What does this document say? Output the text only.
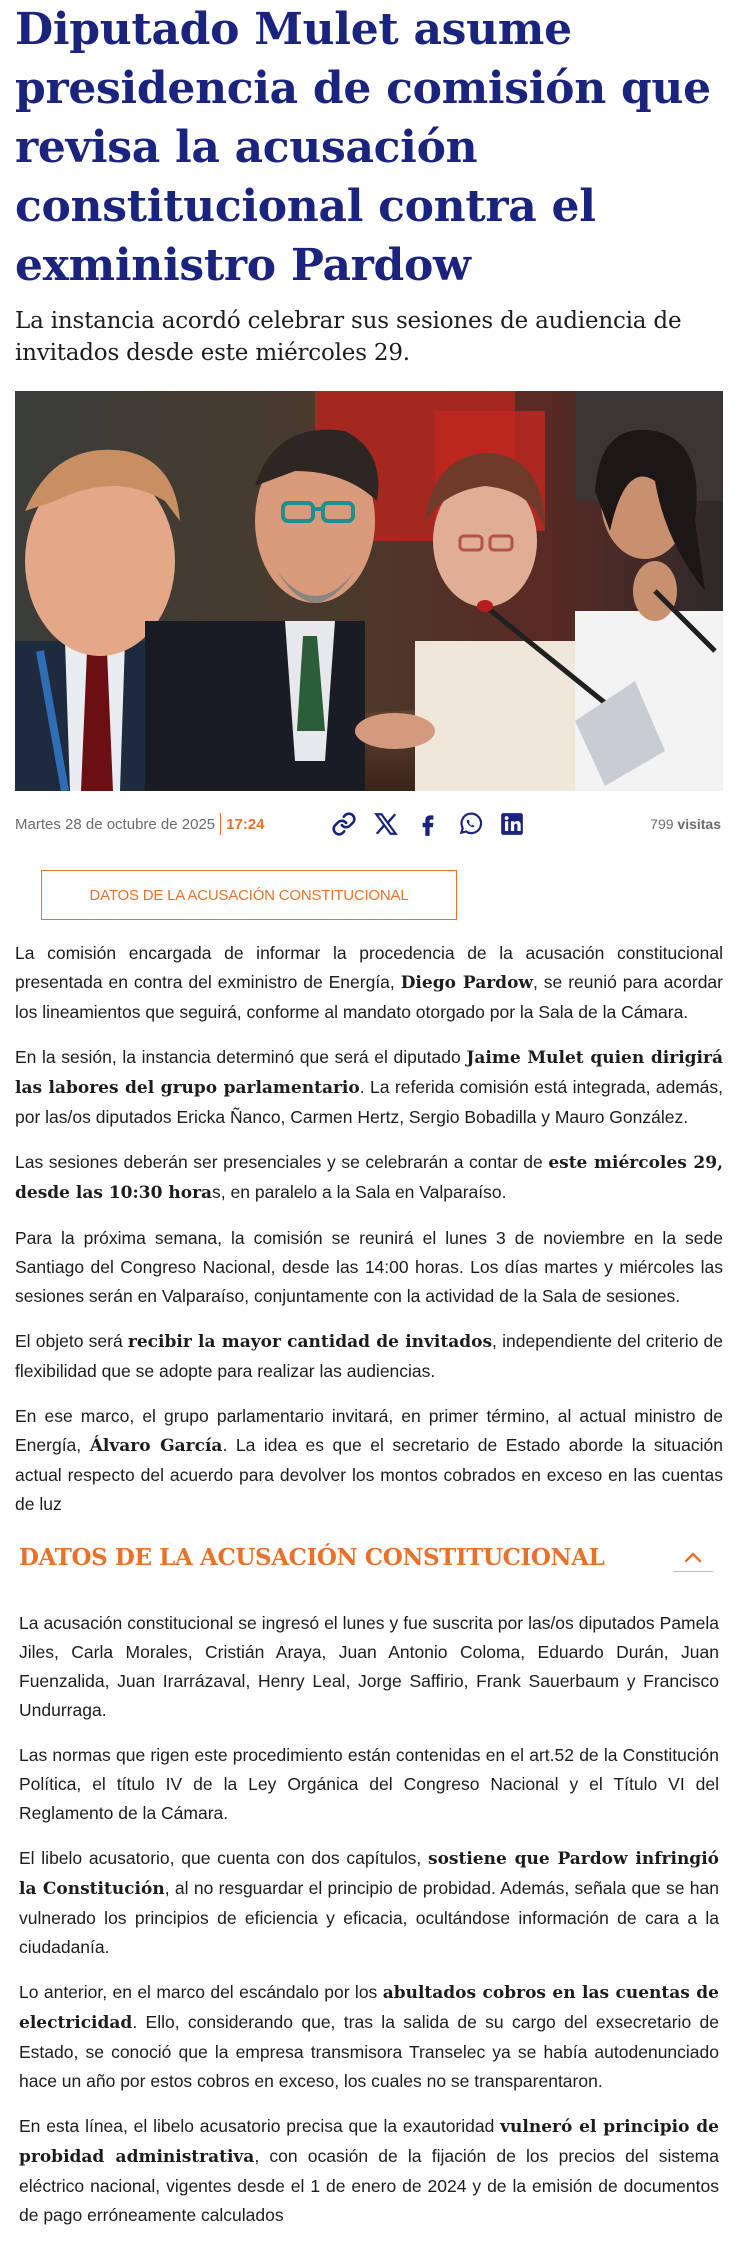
Diputado Mulet asume presidencia de comisión que revisa la acusación constitucional contra el exministro Pardow

La instancia acordó celebrar sus sesiones de audiencia de invitados desde este miércoles 29.

Martes 28 de octubre de 2025 17:24	799 visitas
DATOS DE LA ACUSACIÓN CONSTITUCIONAL

La comisión encargada de informar la procedencia de la acusación constitucional presentada en contra del exministro de Energía, Diego Pardow, se reunió para acordar los lineamientos que seguirá, conforme al mandato otorgado por la Sala de la Cámara.

En la sesión, la instancia determinó que será el diputado Jaime Mulet quien dirigirá las labores del grupo parlamentario. La referida comisión está integrada, además, por las/os diputados Ericka Ñanco, Carmen Hertz, Sergio Bobadilla y Mauro González.

Las sesiones deberán ser presenciales y se celebrarán a contar de este miércoles 29, desde las 10:30 horas, en paralelo a la Sala en Valparaíso.

Para la próxima semana, la comisión se reunirá el lunes 3 de noviembre en la sede Santiago del Congreso Nacional, desde las 14:00 horas. Los días martes y miércoles las sesiones serán en Valparaíso, conjuntamente con la actividad de la Sala de sesiones.

El objeto será recibir la mayor cantidad de invitados, independiente del criterio de flexibilidad que se adopte para realizar las audiencias.

En ese marco, el grupo parlamentario invitará, en primer término, al actual ministro de Energía, Álvaro García. La idea es que el secretario de Estado aborde la situación actual respecto del acuerdo para devolver los montos cobrados en exceso en las cuentas de luz

DATOS DE LA ACUSACIÓN CONSTITUCIONAL

La acusación constitucional se ingresó el lunes y fue suscrita por las/os diputados Pamela Jiles, Carla Morales, Cristián Araya, Juan Antonio Coloma, Eduardo Durán, Juan Fuenzalida, Juan Irarrázaval, Henry Leal, Jorge Saffirio, Frank Sauerbaum y Francisco Undurraga.

Las normas que rigen este procedimiento están contenidas en el art.52 de la Constitución Política, el título IV de la Ley Orgánica del Congreso Nacional y el Título VI del Reglamento de la Cámara.

El libelo acusatorio, que cuenta con dos capítulos, sostiene que Pardow infringió la Constitución, al no resguardar el principio de probidad. Además, señala que se han vulnerado los principios de eficiencia y eficacia, ocultándose información de cara a la ciudadanía.

Lo anterior, en el marco del escándalo por los abultados cobros en las cuentas de electricidad. Ello, considerando que, tras la salida de su cargo del exsecretario de Estado, se conoció que la empresa transmisora Transelec ya se había autodenunciado hace un año por estos cobros en exceso, los cuales no se transparentaron.

En esta línea, el libelo acusatorio precisa que la exautoridad vulneró el principio de probidad administrativa, con ocasión de la fijación de los precios del sistema eléctrico nacional, vigentes desde el 1 de enero de 2024 y de la emisión de documentos de pago erróneamente calculados
